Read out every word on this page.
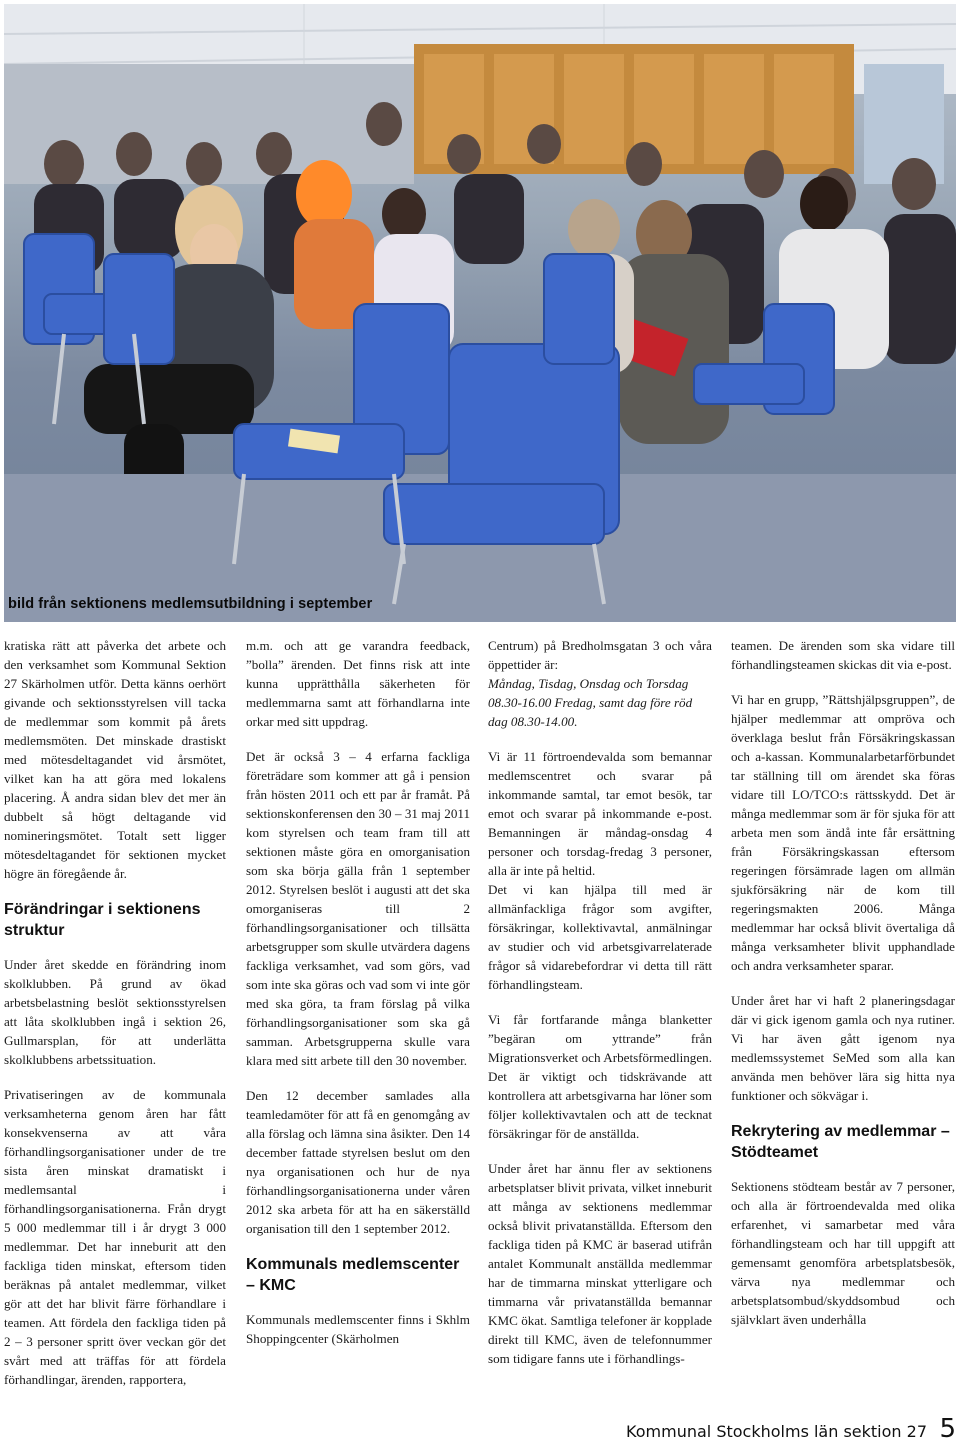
bild från sektionens medlemsutbildning i september

kratiska rätt att påverka det arbete och den verksamhet som Kommunal Sektion 27 Skärholmen utför. Detta känns oerhört givande och sektionsstyrelsen vill tacka de medlemmar som kommit på årets medlemsmöten. Det minskade drastiskt med mötesdeltagandet vid årsmötet, vilket kan ha att göra med lokalens placering. Å andra sidan blev det mer än dubbelt så högt deltagande vid nomineringsmötet. Totalt sett ligger mötesdeltagandet för sektionen mycket högre än föregående år.

Förändringar i sektionens struktur

Under året skedde en förändring inom skolklubben. På grund av ökad arbetsbelastning beslöt sektionsstyrelsen att låta skolklubben ingå i sektion 26, Gullmarsplan, för att underlätta skolklubbens arbetssituation.

Privatiseringen av de kommunala verksamheterna genom åren har fått konsekvenserna av att våra förhandlingsorganisationer under de tre sista åren minskat dramatiskt i medlemsantal i förhandlingsorganisationerna. Från drygt 5 000 medlemmar till i år drygt 3 000 medlemmar. Det har inneburit att den fackliga tiden minskat, eftersom tiden beräknas på antalet medlemmar, vilket gör att det har blivit färre förhandlare i teamen. Att fördela den fackliga tiden på 2 – 3 personer spritt över veckan gör det svårt med att träffas för att fördela förhandlingar, ärenden, rapportera,

m.m. och att ge varandra feedback, ”bolla” ärenden. Det finns risk att inte kunna upprätthålla säkerheten för medlemmarna samt att förhandlarna inte orkar med sitt uppdrag.

Det är också 3 – 4 erfarna fackliga företrädare som kommer att gå i pension från hösten 2011 och ett par år framåt. På sektionskonferensen den 30 – 31 maj 2011 kom styrelsen och team fram till att sektionen måste göra en omorganisation som ska börja gälla från 1 september 2012. Styrelsen beslöt i augusti att det ska omorganiseras till 2 förhandlingsorganisationer och tillsätta arbetsgrupper som skulle utvärdera dagens fackliga verksamhet, vad som görs, vad som inte ska göras och vad som vi inte gör med ska göra, ta fram förslag på vilka förhandlingsorganisationer som ska gå samman. Arbetsgrupperna skulle vara klara med sitt arbete till den 30 november.

Den 12 december samlades alla teamledamöter för att få en genomgång av alla förslag och lämna sina åsikter. Den 14 december fattade styrelsen beslut om den nya organisationen och hur de nya förhandlingsorganisationerna under våren 2012 ska arbeta för att ha en säkerställd organisation till den 1 september 2012.

Kommunals medlemscenter – KMC

Kommunals medlemscenter finns i Skhlm Shoppingcenter (Skärholmen

Centrum) på Bredholmsgatan 3 och våra öppettider är:

Måndag, Tisdag, Onsdag och Torsdag 08.30-16.00 Fredag, samt dag före röd dag 08.30-14.00.

Vi är 11 förtroendevalda som bemannar medlemscentret och svarar på inkommande samtal, tar emot besök, tar emot och svarar på inkommande e-post. Bemanningen är måndag-onsdag 4 personer och torsdag-fredag 3 personer, alla är inte på heltid.

Det vi kan hjälpa till med är allmänfackliga frågor som avgifter, försäkringar, kollektivavtal, anmälningar av studier och vid arbetsgivarrelaterade frågor så vidarebefordrar vi detta till rätt förhandlingsteam.

Vi får fortfarande många blanketter ”begäran om yttrande” från Migrationsverket och Arbetsförmedlingen. Det är viktigt och tidskrävande att kontrollera att arbetsgivarna har löner som följer kollektivavtalen och att de tecknat försäkringar för de anställda.

Under året har ännu fler av sektionens arbetsplatser blivit privata, vilket inneburit att många av sektionens medlemmar också blivit privatanställda. Eftersom den fackliga tiden på KMC är baserad utifrån antalet Kommunalt anställda medlemmar har de timmarna minskat ytterligare och timmarna vår privatanställda bemannar KMC ökat. Samtliga telefoner är kopplade direkt till KMC, även de telefonnummer som tidigare fanns ute i förhandlings-

teamen. De ärenden som ska vidare till förhandlingsteamen skickas dit via e-post.

Vi har en grupp, ”Rättshjälpsgruppen”, de hjälper medlemmar att ompröva och överklaga beslut från Försäkringskassan och a-kassan. Kommunalarbetarförbundet tar ställning till om ärendet ska föras vidare till LO/TCO:s rättsskydd. Det är många medlemmar som är för sjuka för att arbeta men som ändå inte får ersättning från Försäkringskassan eftersom regeringen försämrade lagen om allmän sjukförsäkring när de kom till regeringsmakten 2006. Många medlemmar har också blivit övertaliga då många verksamheter blivit upphandlade och andra verksamheter sparar.

Under året har vi haft 2 planeringsdagar där vi gick igenom gamla och nya rutiner. Vi har även gått igenom nya medlemssystemet SeMed som alla kan använda men behöver lära sig hitta nya funktioner och sökvägar i.

Rekrytering av medlemmar – Stödteamet

Sektionens stödteam består av 7 personer, och alla är förtroendevalda med olika erfarenhet, vi samarbetar med våra förhandlingsteam och har till uppgift att gemensamt genomföra arbetsplatsbesök, värva nya medlemmar och arbetsplatsombud/skyddsombud och självklart även underhålla

Kommunal Stockholms län sektion 27 5
